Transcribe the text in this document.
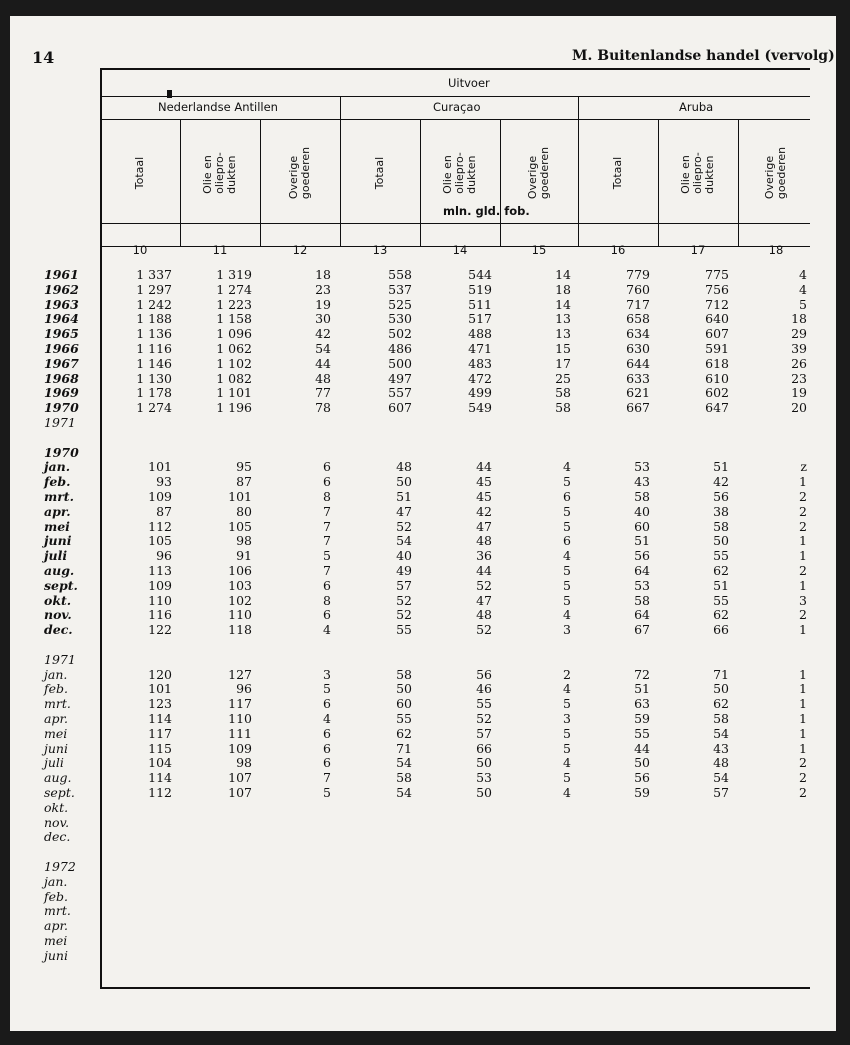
14	M. Buitenlandse handel (vervolg)
Uitvoer
Nederlandse Antillen	Curaçao	Aruba
mln. gld. fob.
Totaal	Olie en oliepro- dukten	Overige goederen	Totaal	Olie en oliepro- dukten	Overige goederen	Totaal	Olie en oliepro- dukten	Overige goederen
10	11	12	13	14	15	16	17	18
1961	1 337	1 319	18	558	544	14	779	775	4
1962	1 297	1 274	23	537	519	18	760	756	4
1963	1 242	1 223	19	525	511	14	717	712	5
1964	1 188	1 158	30	530	517	13	658	640	18
1965	1 136	1 096	42	502	488	13	634	607	29
1966	1 116	1 062	54	486	471	15	630	591	39
1967	1 146	1 102	44	500	483	17	644	618	26
1968	1 130	1 082	48	497	472	25	633	610	23
1969	1 178	1 101	77	557	499	58	621	602	19
1970	1 274	1 196	78	607	549	58	667	647	20
1971
1970
jan.	101	95	6	48	44	4	53	51	z
feb.	93	87	6	50	45	5	43	42	1
mrt.	109	101	8	51	45	6	58	56	2
apr.	87	80	7	47	42	5	40	38	2
mei	112	105	7	52	47	5	60	58	2
juni	105	98	7	54	48	6	51	50	1
juli	96	91	5	40	36	4	56	55	1
aug.	113	106	7	49	44	5	64	62	2
sept.	109	103	6	57	52	5	53	51	1
okt.	110	102	8	52	47	5	58	55	3
nov.	116	110	6	52	48	4	64	62	2
dec.	122	118	4	55	52	3	67	66	1
1971
jan.	120	127	3	58	56	2	72	71	1
feb.	101	96	5	50	46	4	51	50	1
mrt.	123	117	6	60	55	5	63	62	1
apr.	114	110	4	55	52	3	59	58	1
mei	117	111	6	62	57	5	55	54	1
juni	115	109	6	71	66	5	44	43	1
juli	104	98	6	54	50	4	50	48	2
aug.	114	107	7	58	53	5	56	54	2
sept.	112	107	5	54	50	4	59	57	2
okt.
nov.
dec.
1972
jan.
feb.
mrt.
apr.
mei
juni
